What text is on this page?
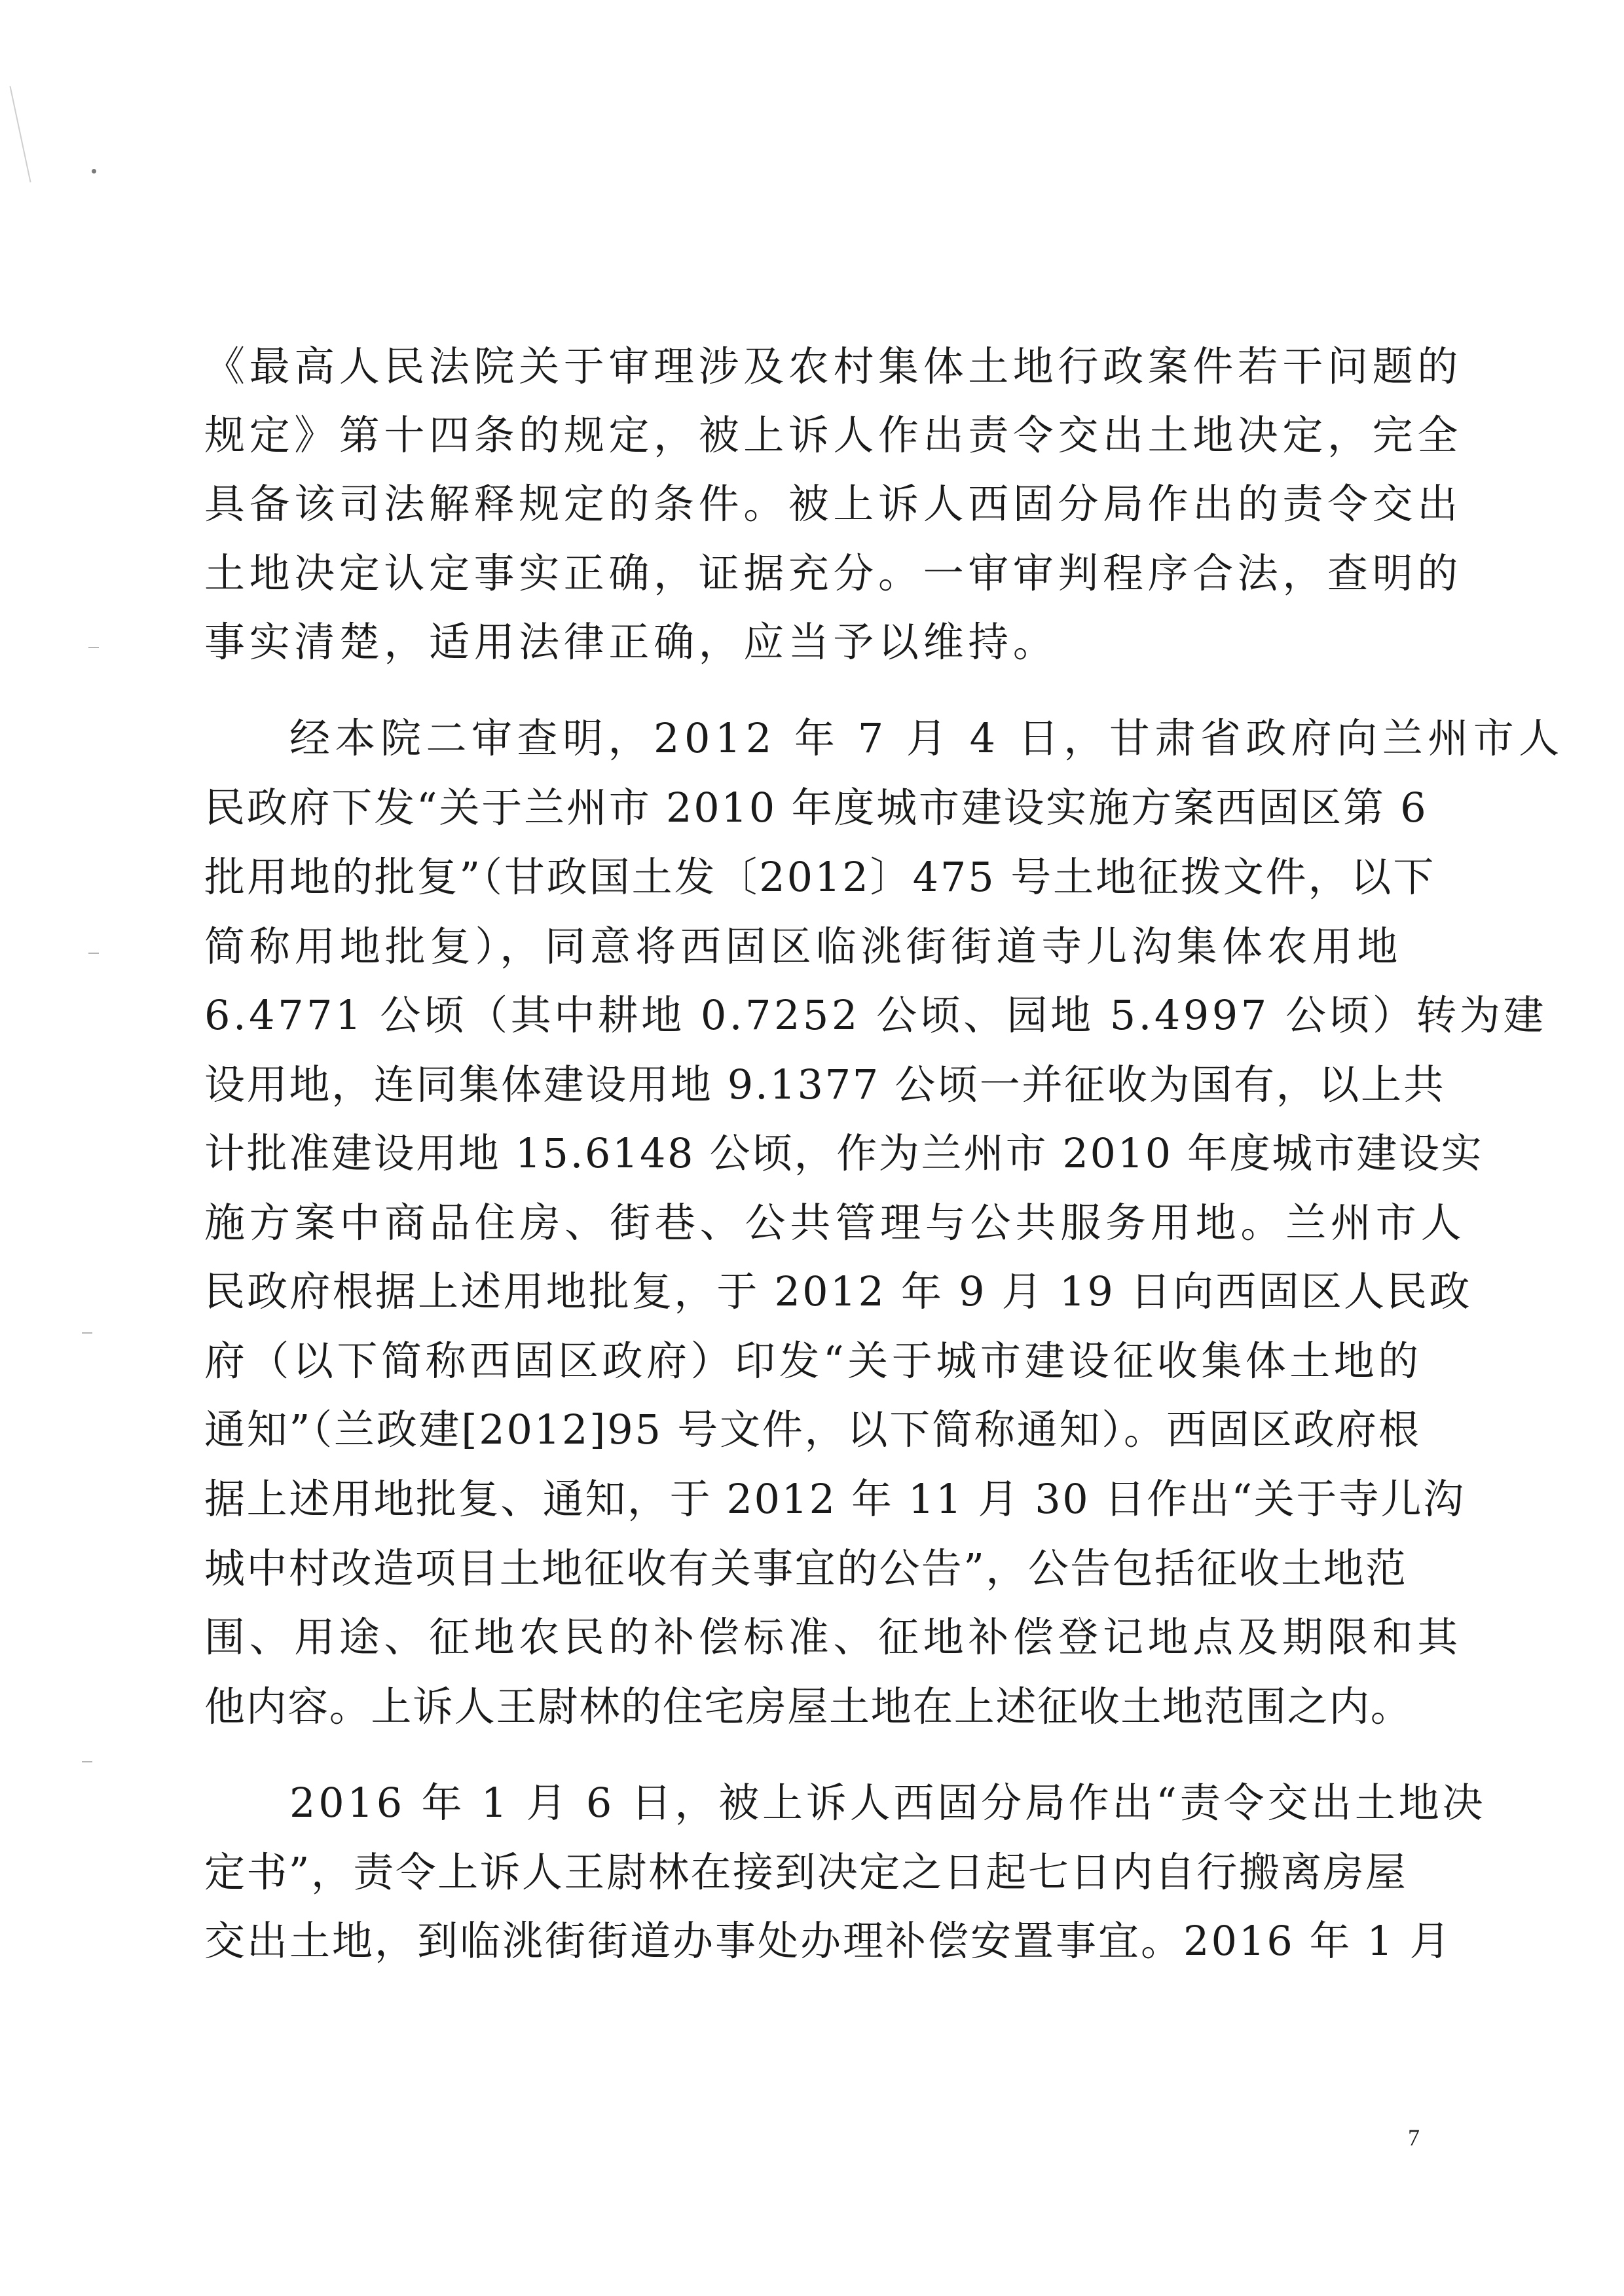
《最高人民法院关于审理涉及农村集体土地行政案件若干问题的
规定》第十四条的规定，被上诉人作出责令交出土地决定，完全
具备该司法解释规定的条件。被上诉人西固分局作出的责令交出
土地决定认定事实正确，证据充分。一审审判程序合法，查明的
事实清楚，适用法律正确，应当予以维持。
经本院二审查明，2012 年 7 月 4 日，甘肃省政府向兰州市人
民政府下发“关于兰州市 2010 年度城市建设实施方案西固区第 6
批用地的批复”（甘政国土发〔2012〕475 号土地征拨文件，以下
简称用地批复），同意将西固区临洮街街道寺儿沟集体农用地
6.4771 公顷（其中耕地 0.7252 公顷、园地 5.4997 公顷）转为建
设用地，连同集体建设用地 9.1377 公顷一并征收为国有，以上共
计批准建设用地 15.6148 公顷，作为兰州市 2010 年度城市建设实
施方案中商品住房、街巷、公共管理与公共服务用地。兰州市人
民政府根据上述用地批复，于 2012 年 9 月 19 日向西固区人民政
府（以下简称西固区政府）印发“关于城市建设征收集体土地的
通知”（兰政建[2012]95 号文件，以下简称通知）。西固区政府根
据上述用地批复、通知，于 2012 年 11 月 30 日作出“关于寺儿沟
城中村改造项目土地征收有关事宜的公告”，公告包括征收土地范
围、用途、征地农民的补偿标准、征地补偿登记地点及期限和其
他内容。上诉人王尉林的住宅房屋土地在上述征收土地范围之内。
2016 年 1 月 6 日，被上诉人西固分局作出“责令交出土地决
定书”，责令上诉人王尉林在接到决定之日起七日内自行搬离房屋
交出土地，到临洮街街道办事处办理补偿安置事宜。2016 年 1 月
7
